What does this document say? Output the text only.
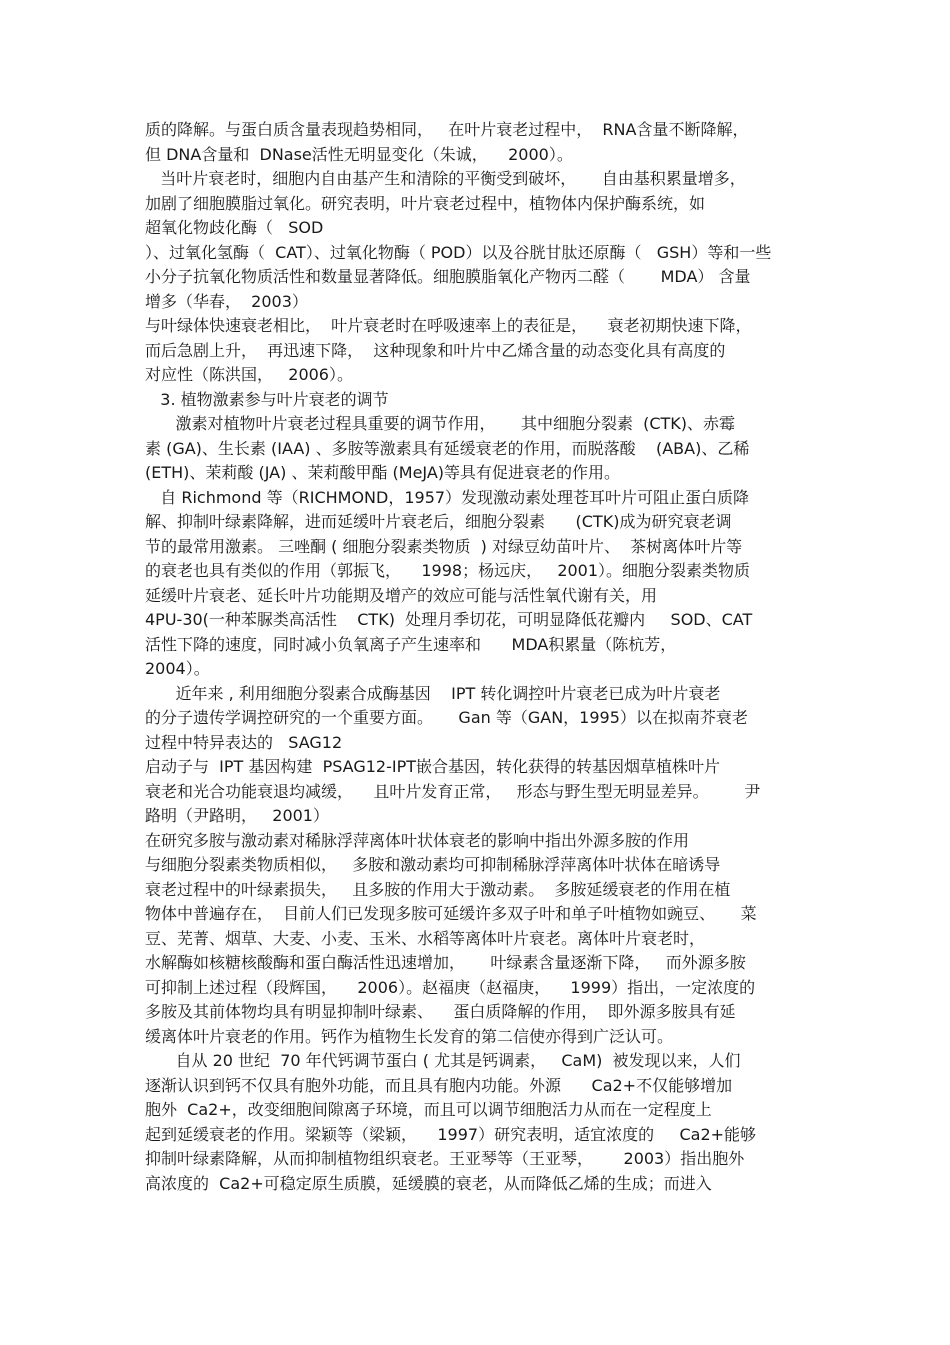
质的降解。与蛋白质含量表现趋势相同，   在叶片衰老过程中，  RNA含量不断降解，
但 DNA含量和  DNase活性无明显变化（朱诚，    2000）。
当叶片衰老时，细胞内自由基产生和清除的平衡受到破坏，     自由基积累量增多，
加剧了细胞膜脂过氧化。研究表明，叶片衰老过程中，植物体内保护酶系统，如
超氧化物歧化酶（   SOD
）、过氧化氢酶（  CAT）、过氧化物酶（ POD）以及谷胱甘肽还原酶（   GSH）等和一些
小分子抗氧化物质活性和数量显著降低。细胞膜脂氧化产物丙二醛（       MDA） 含量
增多（华春，  2003）
与叶绿体快速衰老相比，  叶片衰老时在呼吸速率上的表征是，    衰老初期快速下降，
而后急剧上升，  再迅速下降，  这种现象和叶片中乙烯含量的动态变化具有高度的
对应性（陈洪国，   2006）。
3. 植物激素参与叶片衰老的调节
激素对植物叶片衰老过程具重要的调节作用，     其中细胞分裂素  (CTK)、赤霉
素 (GA)、生长素 (IAA) 、多胺等激素具有延缓衰老的作用，而脱落酸    (ABA)、乙稀
(ETH)、茉莉酸 (JA) 、茉莉酸甲酯 (MeJA)等具有促进衰老的作用。
自 Richmond 等（RICHMOND，1957）发现激动素处理苍耳叶片可阻止蛋白质降
解、抑制叶绿素降解，进而延缓叶片衰老后，细胞分裂素      (CTK)成为研究衰老调
节的最常用激素。 三唑酮 ( 细胞分裂素类物质  ) 对绿豆幼苗叶片、  茶树离体叶片等
的衰老也具有类似的作用（郭振飞，    1998；杨远庆，   2001）。细胞分裂素类物质
延缓叶片衰老、延长叶片功能期及增产的效应可能与活性氧代谢有关，用
4PU-30(一种苯脲类高活性    CTK)  处理月季切花，可明显降低花瓣内     SOD、CAT
活性下降的速度，同时减小负氧离子产生速率和      MDA积累量（陈杭芳，
2004）。
近年来 , 利用细胞分裂素合成酶基因    IPT 转化调控叶片衰老已成为叶片衰老
的分子遗传学调控研究的一个重要方面。     Gan 等（GAN，1995）以在拟南芥衰老
过程中特异表达的   SAG12
启动子与  IPT 基因构建  PSAG12-IPT嵌合基因，转化获得的转基因烟草植株叶片
衰老和光合功能衰退均减缓，    且叶片发育正常，   形态与野生型无明显差异。       尹
路明（尹路明，   2001）
在研究多胺与激动素对稀脉浮萍离体叶状体衰老的影响中指出外源多胺的作用
与细胞分裂素类物质相似，   多胺和激动素均可抑制稀脉浮萍离体叶状体在暗诱导
衰老过程中的叶绿素损失，   且多胺的作用大于激动素。  多胺延缓衰老的作用在植
物体中普遍存在，  目前人们已发现多胺可延缓许多双子叶和单子叶植物如豌豆、     菜
豆、芜菁、烟草、大麦、小麦、玉米、水稻等离体叶片衰老。离体叶片衰老时，
水解酶如核糖核酸酶和蛋白酶活性迅速增加，     叶绿素含量逐渐下降，   而外源多胺
可抑制上述过程（段辉国，    2006）。赵福庚（赵福庚，    1999）指出，一定浓度的
多胺及其前体物均具有明显抑制叶绿素、    蛋白质降解的作用，  即外源多胺具有延
缓离体叶片衰老的作用。钙作为植物生长发育的第二信使亦得到广泛认可。
自从 20 世纪  70 年代钙调节蛋白 ( 尤其是钙调素，   CaM)  被发现以来，人们
逐渐认识到钙不仅具有胞外功能，而且具有胞内功能。外源      Ca2+不仅能够增加
胞外  Ca2+，改变细胞间隙离子环境，而且可以调节细胞活力从而在一定程度上
起到延缓衰老的作用。梁颖等（梁颖，    1997）研究表明，适宜浓度的     Ca2+能够
抑制叶绿素降解，从而抑制植物组织衰老。王亚琴等（王亚琴，      2003）指出胞外
高浓度的  Ca2+可稳定原生质膜，延缓膜的衰老，从而降低乙烯的生成；而进入
